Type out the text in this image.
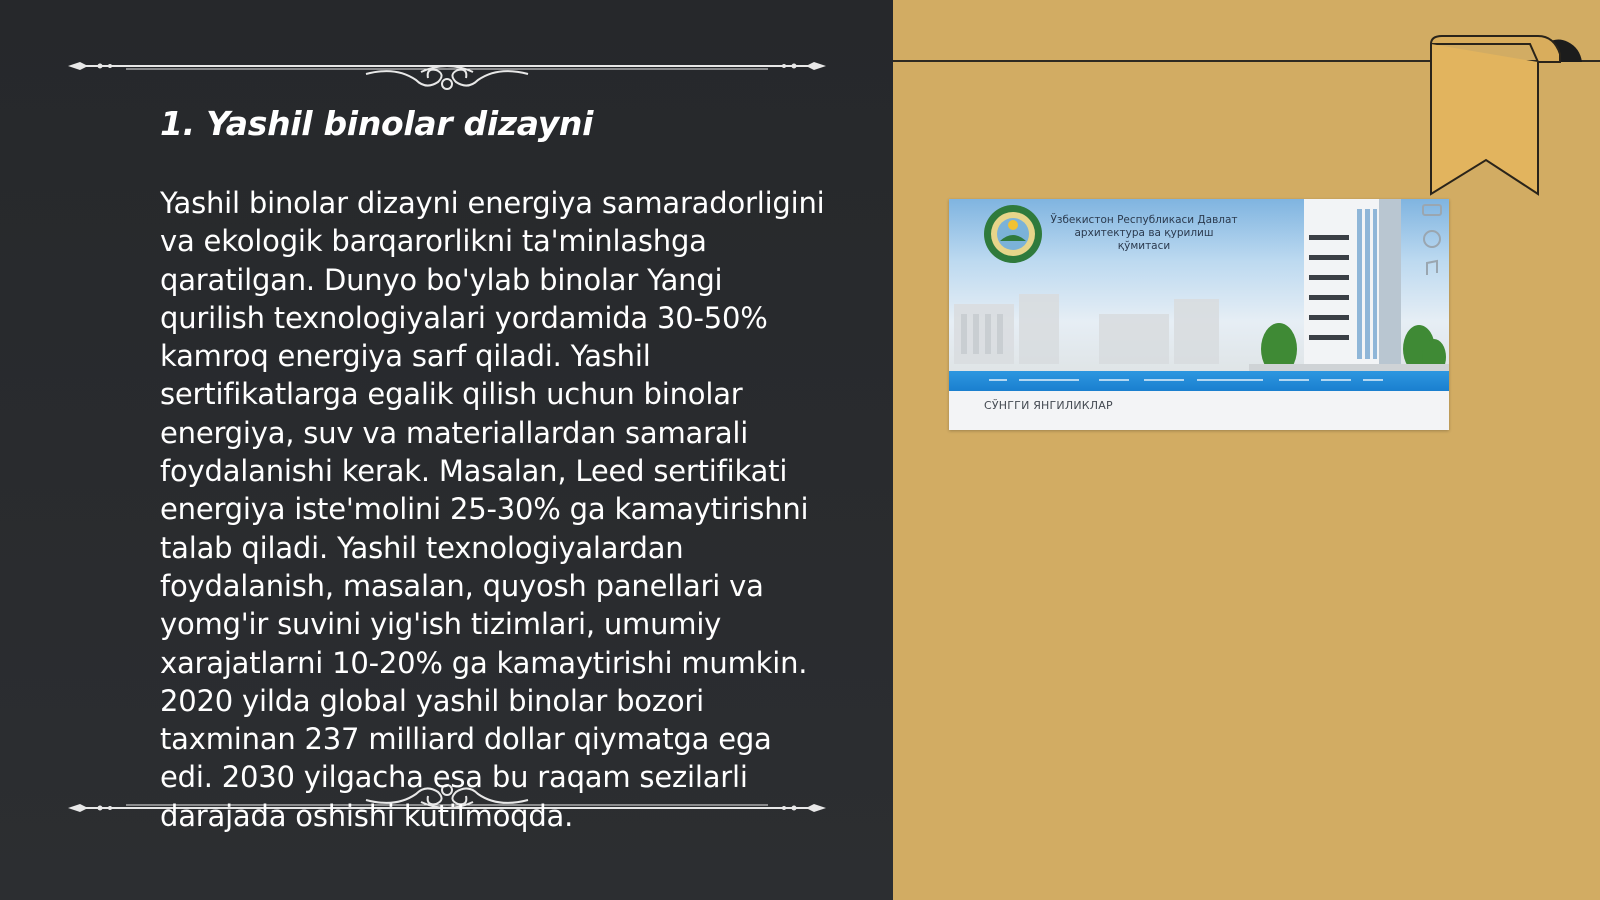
1. Yashil binolar dizayni

Yashil binolar dizayni energiya samaradorligini va ekologik barqarorlikni ta'minlashga qaratilgan. Dunyo bo'ylab binolar Yangi qurilish texnologiyalari yordamida 30-50% kamroq energiya sarf qiladi. Yashil sertifikatlarga egalik qilish uchun binolar energiya, suv va materiallardan samarali foydalanishi kerak. Masalan, Leed sertifikati energiya iste'molini 25-30% ga kamaytirishni talab qiladi. Yashil texnologiyalardan foydalanish, masalan, quyosh panellari va yomg'ir suvini yig'ish tizimlari, umumiy xarajatlarni 10-20% ga kamaytirishi mumkin. 2020 yilda global yashil binolar bozori taxminan 237 milliard dollar qiymatga ega edi. 2030 yilgacha esa bu raqam sezilarli darajada oshishi kutilmoqda.

Ўзбекистон Республикаси Давлат архитектура ва қурилиш қўмитаси
СЎНГГИ ЯНГИЛИКЛАР
